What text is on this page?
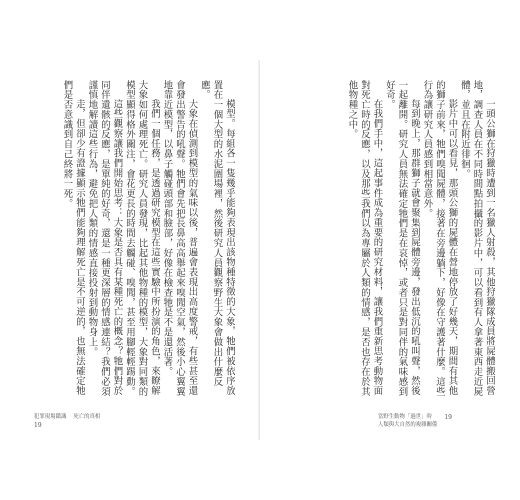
模型。每組各一隻幾乎能夠表現出該物種特徵的大象，牠們被依序放置在一個大型的水泥圍場裡，然後研究人員觀察野生大象會做出什麼反應。

大象在偵測到模型的氣味以後，普遍會表現出高度警戒，有些甚至還會發出警告的吼聲。牠們會先把長鼻高高舉起來嗅聞空氣，然後小心翼翼地靠近模型，以鼻子觸碰頭部和臉部，好像在檢查牠是不是還活著。

我們一個任務，是透過研究模型在這些實驗中所扮演的角色，來瞭解大象如何處理死亡。研究人員發現，比起其他物種的模型，大象對同類的模型顯得格外關注，會花更長的時間去觸碰、嗅聞，甚至用腳輕輕踢動。

這些觀察讓我們開始思考：大象是否具有某種死亡的概念？牠們對於同伴遺骸的反應，是單純的好奇，還是一種更深層的情感連結？我們必須謹慎地解讀這些行為，避免把人類的情感直接投射到動物身上。

走，但卻少有證據顯示牠們能夠理解死亡是不可逆的，也無法確定牠們是否意識到自己終將一死。

犯罪現場鑑識
19
死亡的真相

一頭公獅在狩獵時遭到一名獵人射殺，其他狩獵隊成員將屍體搬回營地，調查人員在不同時間點拍攝的影片中，可以看到有人拿著東西走近屍體，並且在附近徘徊。

影片中可以看見，那頭公獅的屍體在營地停放了好幾天，期間有其他的獅子前來，牠們嗅聞屍體，接著在旁邊躺下，好像在守護著什麼。這些行為讓研究人員感到相當意外。

每到晚上，那群獅子就會聚集到屍體旁邊，發出低沉的吼叫聲，然後一起離開。研究人員無法確定牠們是在哀悼，或者只是對同伴的氣味感到好奇。

在我們手中，這起事件成為重要的研究材料，讓我們重新思考動物面對死亡時的反應，以及那些我們以為專屬於人類的情感，是否也存在於其他物種之中。

當野生動物「過世」時
人類與大自然的複雜關係
19
